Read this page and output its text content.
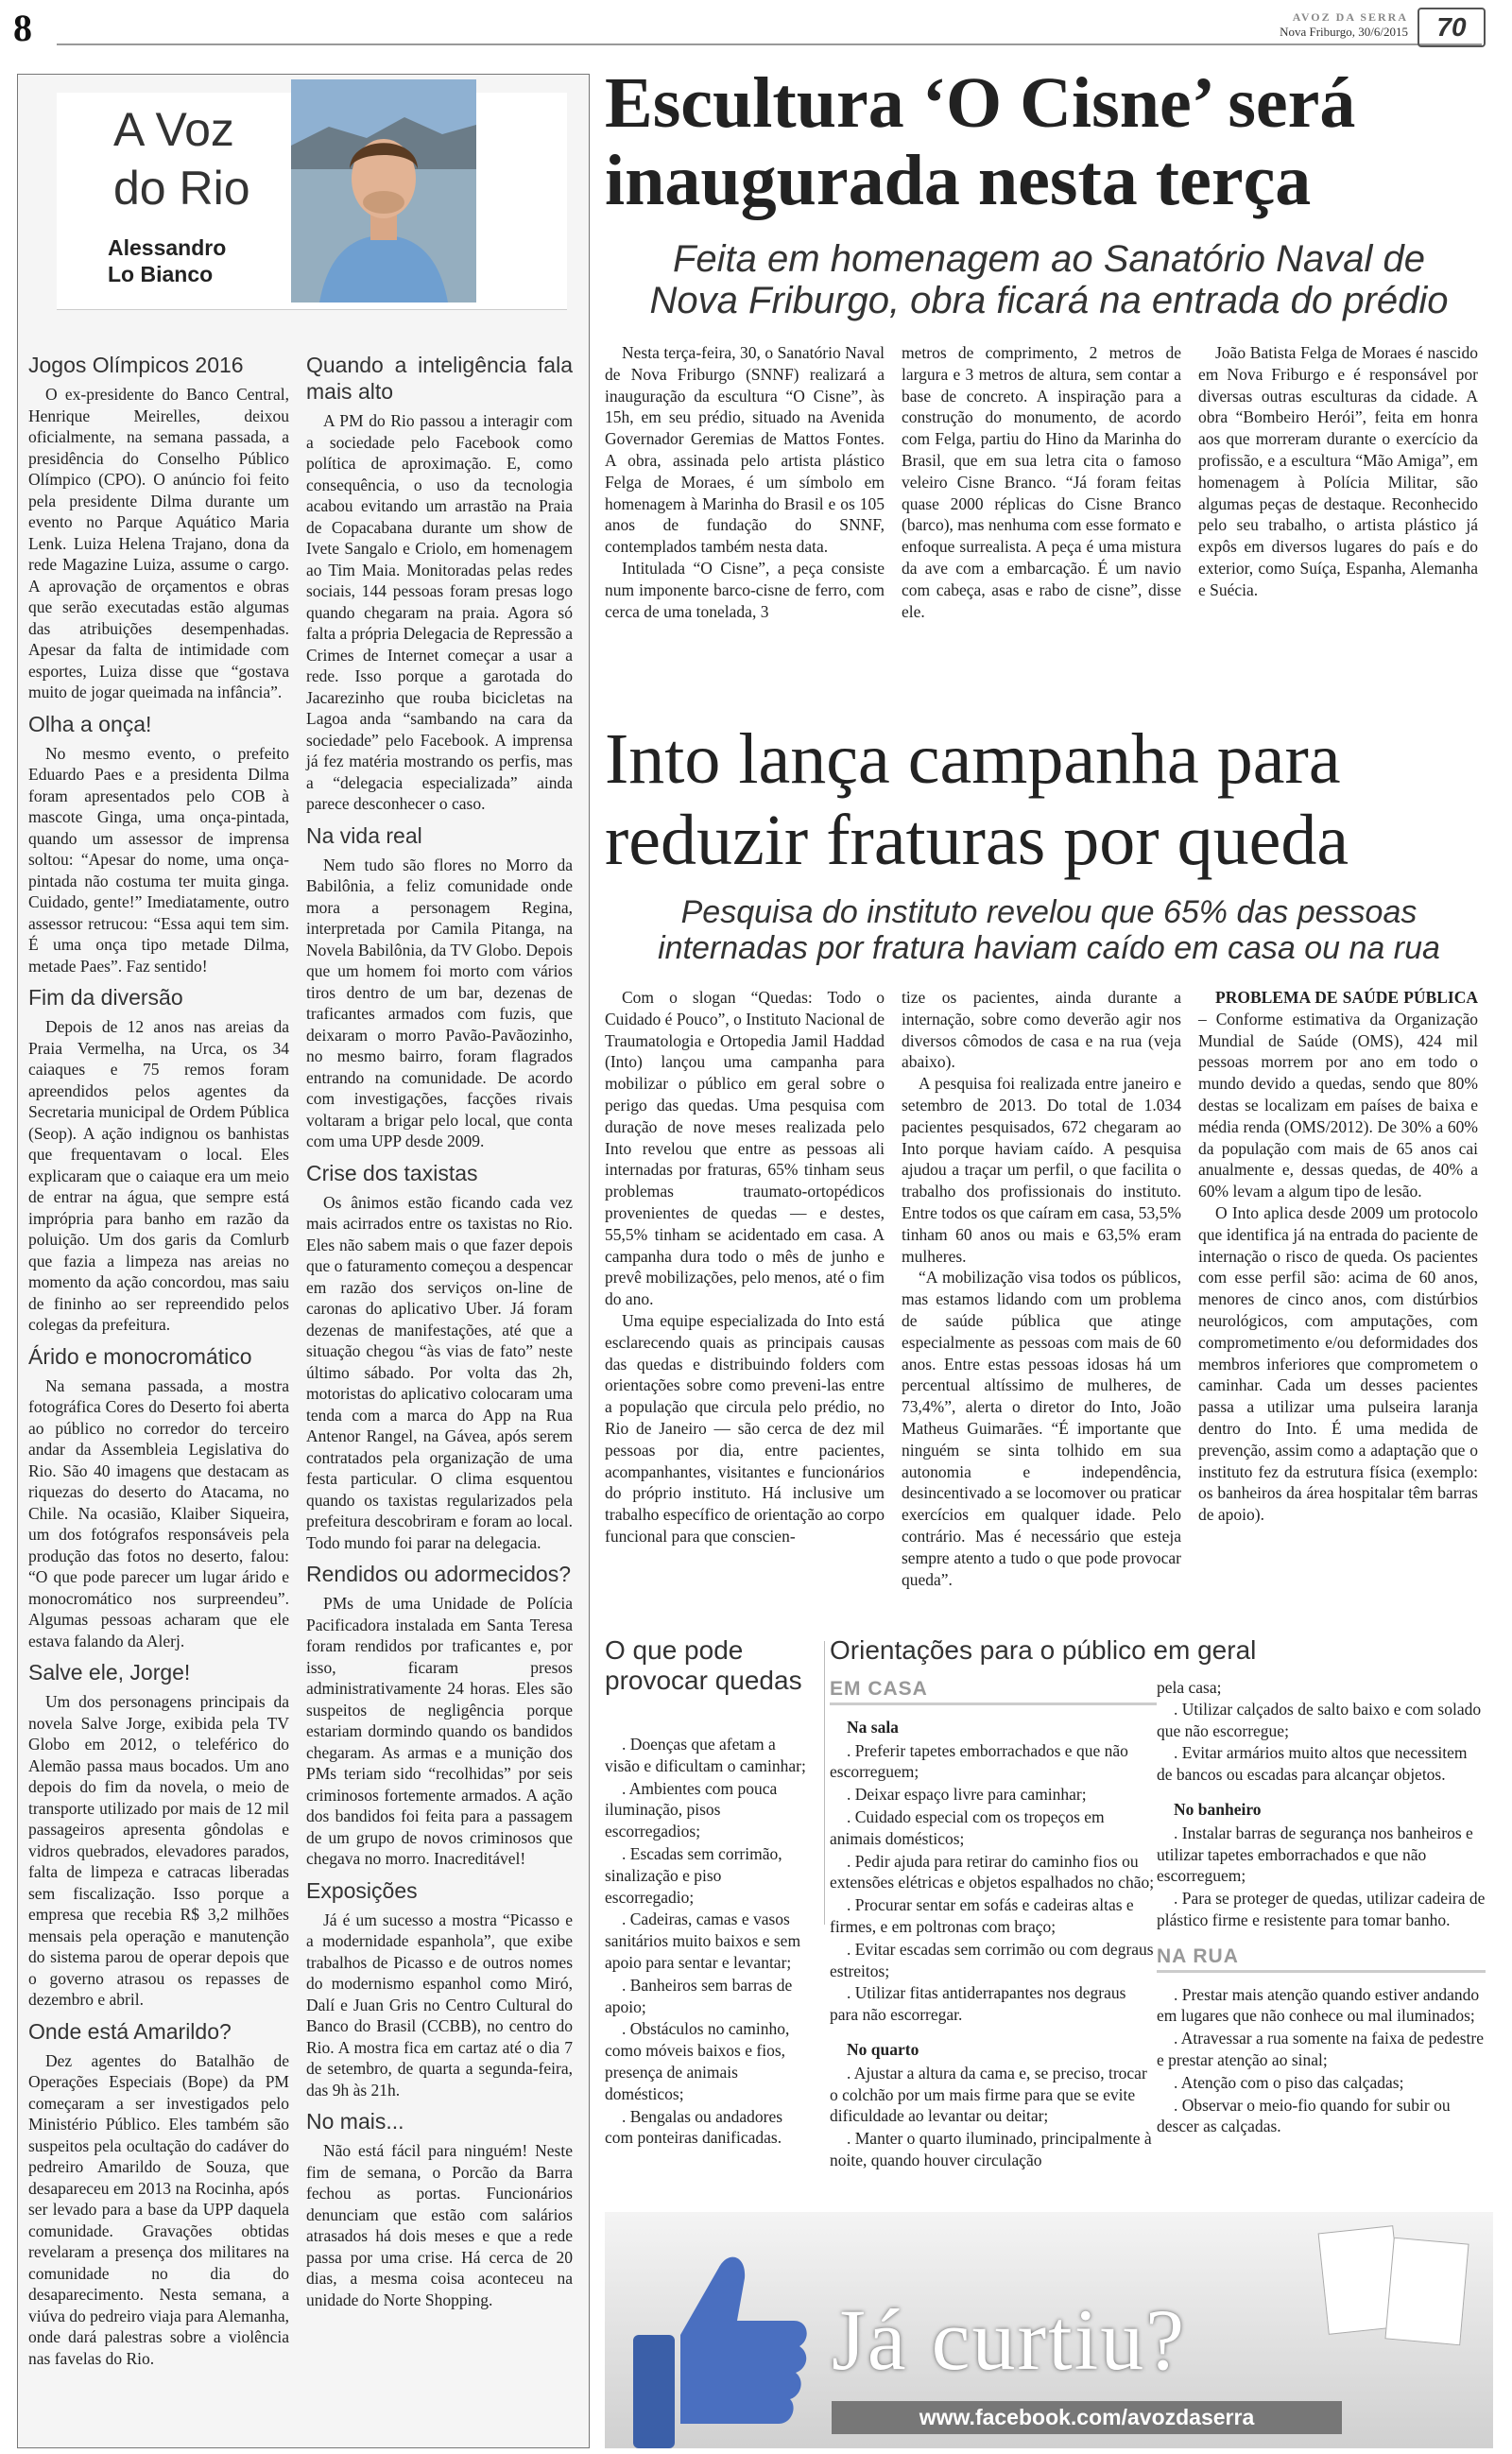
8	AVOZ DA SERRA
Nova Friburgo, 30/6/2015	70
A Voz
do Rio
Alessandro
Lo Bianco
Jogos Olímpicos 2016

O ex-presidente do Banco Central, Henrique Meirelles, deixou oficialmente, na semana passada, a presidência do Conselho Público Olímpico (CPO). O anúncio foi feito pela presidente Dilma durante um evento no Parque Aquático Maria Lenk. Luiza Helena Trajano, dona da rede Magazine Luiza, assume o cargo. A aprovação de orçamentos e obras que serão executadas estão algumas das atribuições desempenhadas. Apesar da falta de intimidade com esportes, Luiza disse que “gostava muito de jogar queimada na infância”.

Olha a onça!

No mesmo evento, o prefeito Eduardo Paes e a presidenta Dilma foram apresentados pelo COB à mascote Ginga, uma onça-pintada, quando um assessor de imprensa soltou: “Apesar do nome, uma onça-pintada não costuma ter muita ginga. Cuidado, gente!” Imediatamente, outro assessor retrucou: “Essa aqui tem sim. É uma onça tipo metade Dilma, metade Paes”. Faz sentido!

Fim da diversão

Depois de 12 anos nas areias da Praia Vermelha, na Urca, os 34 caiaques e 75 remos foram apreendidos pelos agentes da Secretaria municipal de Ordem Pública (Seop). A ação indignou os banhistas que frequentavam o local. Eles explicaram que o caiaque era um meio de entrar na água, que sempre está imprópria para banho em razão da poluição. Um dos garis da Comlurb que fazia a limpeza nas areias no momento da ação concordou, mas saiu de fininho ao ser repreendido pelos colegas da prefeitura.

Árido e monocromático

Na semana passada, a mostra fotográfica Cores do Deserto foi aberta ao público no corredor do terceiro andar da Assembleia Legislativa do Rio. São 40 imagens que destacam as riquezas do deserto do Atacama, no Chile. Na ocasião, Klaiber Siqueira, um dos fotógrafos responsáveis pela produção das fotos no deserto, falou: “O que pode parecer um lugar árido e monocromático nos surpreendeu”. Algumas pessoas acharam que ele estava falando da Alerj.

Salve ele, Jorge!

Um dos personagens principais da novela Salve Jorge, exibida pela TV Globo em 2012, o teleférico do Alemão passa maus bocados. Um ano depois do fim da novela, o meio de transporte utilizado por mais de 12 mil passageiros apresenta gôndolas e vidros quebrados, elevadores parados, falta de limpeza e catracas liberadas sem fiscalização. Isso porque a empresa que recebia R$ 3,2 milhões mensais pela operação e manutenção do sistema parou de operar depois que o governo atrasou os repasses de dezembro e abril.

Onde está Amarildo?

Dez agentes do Batalhão de Operações Especiais (Bope) da PM começaram a ser investigados pelo Ministério Público. Eles também são suspeitos pela ocultação do cadáver do pedreiro Amarildo de Souza, que desapareceu em 2013 na Rocinha, após ser levado para a base da UPP daquela comunidade. Gravações obtidas revelaram a presença dos militares na comunidade no dia do desaparecimento. Nesta semana, a viúva do pedreiro viaja para Alemanha, onde dará palestras sobre a violência nas favelas do Rio.

Quando a inteligência fala mais alto

A PM do Rio passou a interagir com a sociedade pelo Facebook como política de aproximação. E, como consequência, o uso da tecnologia acabou evitando um arrastão na Praia de Copacabana durante um show de Ivete Sangalo e Criolo, em homenagem ao Tim Maia. Monitoradas pelas redes sociais, 144 pessoas foram presas logo quando chegaram na praia. Agora só falta a própria Delegacia de Repressão a Crimes de Internet começar a usar a rede. Isso porque a garotada do Jacarezinho que rouba bicicletas na Lagoa anda “sambando na cara da sociedade” pelo Facebook. A imprensa já fez matéria mostrando os perfis, mas a “delegacia especializada” ainda parece desconhecer o caso.

Na vida real

Nem tudo são flores no Morro da Babilônia, a feliz comunidade onde mora a personagem Regina, interpretada por Camila Pitanga, na Novela Babilônia, da TV Globo. Depois que um homem foi morto com vários tiros dentro de um bar, dezenas de traficantes armados com fuzis, que deixaram o morro Pavão-Pavãozinho, no mesmo bairro, foram flagrados entrando na comunidade. De acordo com investigações, facções rivais voltaram a brigar pelo local, que conta com uma UPP desde 2009.

Crise dos taxistas

Os ânimos estão ficando cada vez mais acirrados entre os taxistas no Rio. Eles não sabem mais o que fazer depois que o faturamento começou a despencar em razão dos serviços on-line de caronas do aplicativo Uber. Já foram dezenas de manifestações, até que a situação chegou “às vias de fato” neste último sábado. Por volta das 2h, motoristas do aplicativo colocaram uma tenda com a marca do App na Rua Antenor Rangel, na Gávea, após serem contratados pela organização de uma festa particular. O clima esquentou quando os taxistas regularizados pela prefeitura descobriram e foram ao local. Todo mundo foi parar na delegacia.

Rendidos ou adormecidos?

PMs de uma Unidade de Polícia Pacificadora instalada em Santa Teresa foram rendidos por traficantes e, por isso, ficaram presos administrativamente 24 horas. Eles são suspeitos de negligência porque estariam dormindo quando os bandidos chegaram. As armas e a munição dos PMs teriam sido “recolhidas” por seis criminosos fortemente armados. A ação dos bandidos foi feita para a passagem de um grupo de novos criminosos que chegava no morro. Inacreditável!

Exposições

Já é um sucesso a mostra “Picasso e a modernidade espanhola”, que exibe trabalhos de Picasso e de outros nomes do modernismo espanhol como Miró, Dalí e Juan Gris no Centro Cultural do Banco do Brasil (CCBB), no centro do Rio. A mostra fica em cartaz até o dia 7 de setembro, de quarta a segunda-feira, das 9h às 21h.

No mais...

Não está fácil para ninguém! Neste fim de semana, o Porcão da Barra fechou as portas. Funcionários denunciam que estão com salários atrasados há dois meses e que a rede passa por uma crise. Há cerca de 20 dias, a mesma coisa aconteceu na unidade do Norte Shopping.

Escultura ‘O Cisne’ será
inaugurada nesta terça
Feita em homenagem ao Sanatório Naval de
Nova Friburgo, obra ficará na entrada do prédio

Nesta terça-feira, 30, o Sanatório Naval de Nova Friburgo (SNNF) realizará a inauguração da escultura “O Cisne”, às 15h, em seu prédio, situado na Avenida Governador Geremias de Mattos Fontes. A obra, assinada pelo artista plástico Felga de Moraes, é um símbolo em homenagem à Marinha do Brasil e os 105 anos de fundação do SNNF, contemplados também nesta data.

Intitulada “O Cisne”, a peça consiste num imponente barco-cisne de ferro, com cerca de uma tonelada, 3

metros de comprimento, 2 metros de largura e 3 metros de altura, sem contar a base de concreto. A inspiração para a construção do monumento, de acordo com Felga, partiu do Hino da Marinha do Brasil, que em sua letra cita o famoso veleiro Cisne Branco. “Já foram feitas quase 2000 réplicas do Cisne Branco (barco), mas nenhuma com esse formato e enfoque surrealista. A peça é uma mistura da ave com a embarcação. É um navio com cabeça, asas e rabo de cisne”, disse ele.

João Batista Felga de Moraes é nascido em Nova Friburgo e é responsável por diversas outras esculturas da cidade. A obra “Bombeiro Herói”, feita em honra aos que morreram durante o exercício da profissão, e a escultura “Mão Amiga”, em homenagem à Polícia Militar, são algumas peças de destaque. Reconhecido pelo seu trabalho, o artista plástico já expôs em diversos lugares do país e do exterior, como Suíça, Espanha, Alemanha e Suécia.

Into lança campanha para
reduzir fraturas por queda
Pesquisa do instituto revelou que 65% das pessoas
internadas por fratura haviam caído em casa ou na rua

Com o slogan “Quedas: Todo o Cuidado é Pouco”, o Instituto Nacional de Traumatologia e Ortopedia Jamil Haddad (Into) lançou uma campanha para mobilizar o público em geral sobre o perigo das quedas. Uma pesquisa com duração de nove meses realizada pelo Into revelou que entre as pessoas ali internadas por fraturas, 65% tinham seus problemas traumato-ortopédicos provenientes de quedas — e destes, 55,5% tinham se acidentado em casa. A campanha dura todo o mês de junho e prevê mobilizações, pelo menos, até o fim do ano.

Uma equipe especializada do Into está esclarecendo quais as principais causas das quedas e distribuindo folders com orientações sobre como preveni-las entre a população que circula pelo prédio, no Rio de Janeiro — são cerca de dez mil pessoas por dia, entre pacientes, acompanhantes, visitantes e funcionários do próprio instituto. Há inclusive um trabalho específico de orientação ao corpo funcional para que conscien-

tize os pacientes, ainda durante a internação, sobre como deverão agir nos diversos cômodos de casa e na rua (veja abaixo).

A pesquisa foi realizada entre janeiro e setembro de 2013. Do total de 1.034 pacientes pesquisados, 672 chegaram ao Into porque haviam caído. A pesquisa ajudou a traçar um perfil, o que facilita o trabalho dos profissionais do instituto. Entre todos os que caíram em casa, 53,5% tinham 60 anos ou mais e 63,5% eram mulheres.

“A mobilização visa todos os públicos, mas estamos lidando com um problema de saúde pública que atinge especialmente as pessoas com mais de 60 anos. Entre estas pessoas idosas há um percentual altíssimo de mulheres, de 73,4%”, alerta o diretor do Into, João Matheus Guimarães. “É importante que ninguém se sinta tolhido em sua autonomia e independência, desincentivado a se locomover ou praticar exercícios em qualquer idade. Pelo contrário. Mas é necessário que esteja sempre atento a tudo o que pode provocar queda”.

PROBLEMA DE SAÚDE PÚBLICA – Conforme estimativa da Organização Mundial de Saúde (OMS), 424 mil pessoas morrem por ano em todo o mundo devido a quedas, sendo que 80% destas se localizam em países de baixa e média renda (OMS/2012). De 30% a 60% da população com mais de 65 anos cai anualmente e, dessas quedas, de 40% a 60% levam a algum tipo de lesão.

O Into aplica desde 2009 um protocolo que identifica já na entrada do paciente de internação o risco de queda. Os pacientes com esse perfil são: acima de 60 anos, menores de cinco anos, com distúrbios neurológicos, com amputações, com comprometimento e/ou deformidades dos membros inferiores que comprometem o caminhar. Cada um desses pacientes passa a utilizar uma pulseira laranja dentro do Into. É uma medida de prevenção, assim como a adaptação que o instituto fez da estrutura física (exemplo: os banheiros da área hospitalar têm barras de apoio).

O que pode provocar quedas
. Doenças que afetam a visão e dificultam o caminhar;
. Ambientes com pouca iluminação, pisos escorregadios;
. Escadas sem corrimão, sinalização e piso escorregadio;
. Cadeiras, camas e vasos sanitários muito baixos e sem apoio para sentar e levantar;
. Banheiros sem barras de apoio;
. Obstáculos no caminho, como móveis baixos e fios, presença de animais domésticos;
. Bengalas ou andadores com ponteiras danificadas.
Orientações para o público em geral
EM CASA
Na sala
. Preferir tapetes emborrachados e que não escorreguem;
. Deixar espaço livre para caminhar;
. Cuidado especial com os tropeços em animais domésticos;
. Pedir ajuda para retirar do caminho fios ou extensões elétricas e objetos espalhados no chão;
. Procurar sentar em sofás e cadeiras altas e firmes, e em poltronas com braço;
. Evitar escadas sem corrimão ou com degraus estreitos;
. Utilizar fitas antiderrapantes nos degraus para não escorregar.
No quarto
. Ajustar a altura da cama e, se preciso, trocar o colchão por um mais firme para que se evite dificuldade ao levantar ou deitar;
. Manter o quarto iluminado, principalmente à noite, quando houver circulação
pela casa;
. Utilizar calçados de salto baixo e com solado que não escorregue;
. Evitar armários muito altos que necessitem de bancos ou escadas para alcançar objetos.
No banheiro
. Instalar barras de segurança nos banheiros e utilizar tapetes emborrachados e que não escorreguem;
. Para se proteger de quedas, utilizar cadeira de plástico firme e resistente para tomar banho.
NA RUA
. Prestar mais atenção quando estiver andando em lugares que não conhece ou mal iluminados;
. Atravessar a rua somente na faixa de pedestre e prestar atenção ao sinal;
. Atenção com o piso das calçadas;
. Observar o meio-fio quando for subir ou descer as calçadas.
Já curtiu?
www.facebook.com/avozdaserra
